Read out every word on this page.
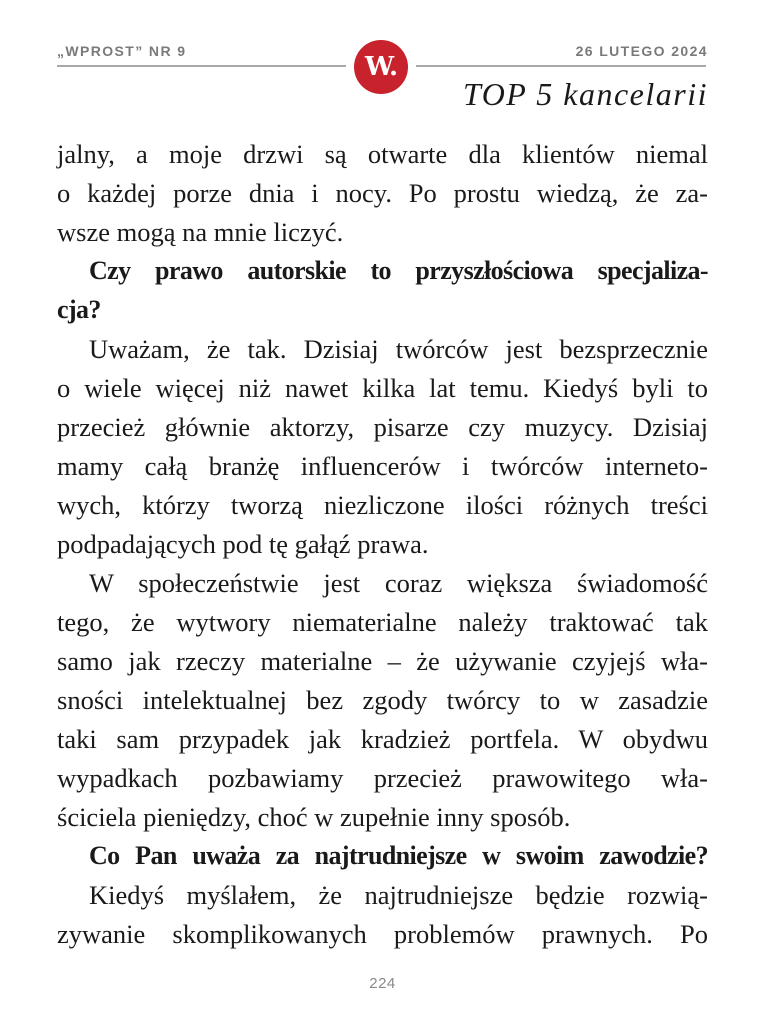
„WPROST” NR 9	26 LUTEGO 2024
W.
TOP 5 kancelarii
jalny, a moje drzwi są otwarte dla klientów niemal
o każdej porze dnia i nocy. Po prostu wiedzą, że za-
wsze mogą na mnie liczyć.
Czy prawo autorskie to przyszłościowa specjaliza-
cja?
Uważam, że tak. Dzisiaj twórców jest bezsprzecznie
o wiele więcej niż nawet kilka lat temu. Kiedyś byli to
przecież głównie aktorzy, pisarze czy muzycy. Dzisiaj
mamy całą branżę influencerów i twórców interneto-
wych, którzy tworzą niezliczone ilości różnych treści
podpadających pod tę gałąź prawa.
W społeczeństwie jest coraz większa świadomość
tego, że wytwory niematerialne należy traktować tak
samo jak rzeczy materialne – że używanie czyjejś wła-
sności intelektualnej bez zgody twórcy to w zasadzie
taki sam przypadek jak kradzież portfela. W obydwu
wypadkach pozbawiamy przecież prawowitego wła-
ściciela pieniędzy, choć w zupełnie inny sposób.
Co Pan uważa za najtrudniejsze w swoim zawodzie?
Kiedyś myślałem, że najtrudniejsze będzie rozwią-
zywanie skomplikowanych problemów prawnych. Po
224
